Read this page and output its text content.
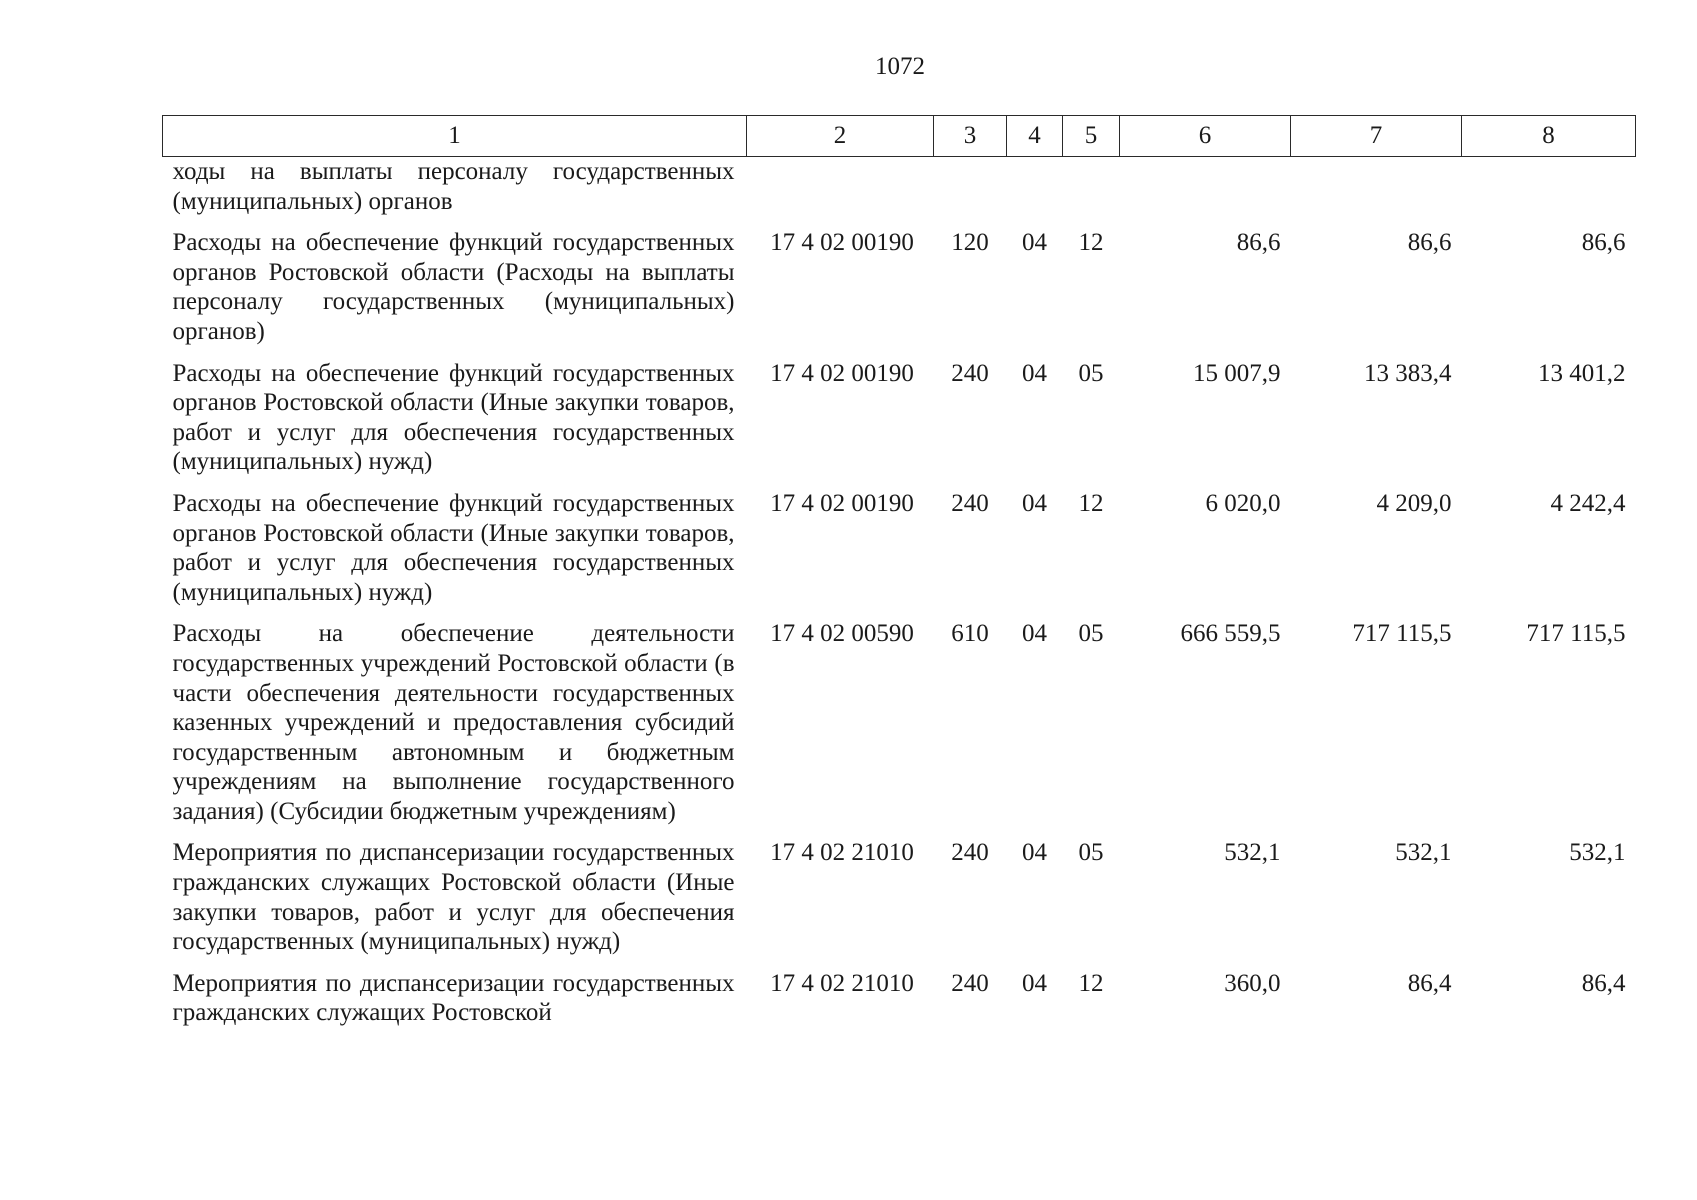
1072
1	2	3	4	5	6	7	8
ходы на выплаты персоналу государственных (муниципальных) органов							
Расходы на обеспечение функций государственных органов Ростовской области (Расходы на выплаты персоналу государственных (муниципальных) органов)	17 4 02 00190	120	04	12	86,6	86,6	86,6
Расходы на обеспечение функций государственных органов Ростовской области (Иные закупки товаров, работ и услуг для обеспечения государственных (муниципальных) нужд)	17 4 02 00190	240	04	05	15 007,9	13 383,4	13 401,2
Расходы на обеспечение функций государственных органов Ростовской области (Иные закупки товаров, работ и услуг для обеспечения государственных (муниципальных) нужд)	17 4 02 00190	240	04	12	6 020,0	4 209,0	4 242,4
Расходы на обеспечение деятельности государственных учреждений Ростовской области (в части обеспечения деятельности государственных казенных учреждений и предоставления субсидий государственным автономным и бюджетным учреждениям на выполнение государственного задания) (Субсидии бюджетным учреждениям)	17 4 02 00590	610	04	05	666 559,5	717 115,5	717 115,5
Мероприятия по диспансеризации государственных гражданских служащих Ростовской области (Иные закупки товаров, работ и услуг для обеспечения государственных (муниципальных) нужд)	17 4 02 21010	240	04	05	532,1	532,1	532,1
Мероприятия по диспансеризации государственных гражданских служащих Ростовской	17 4 02 21010	240	04	12	360,0	86,4	86,4
